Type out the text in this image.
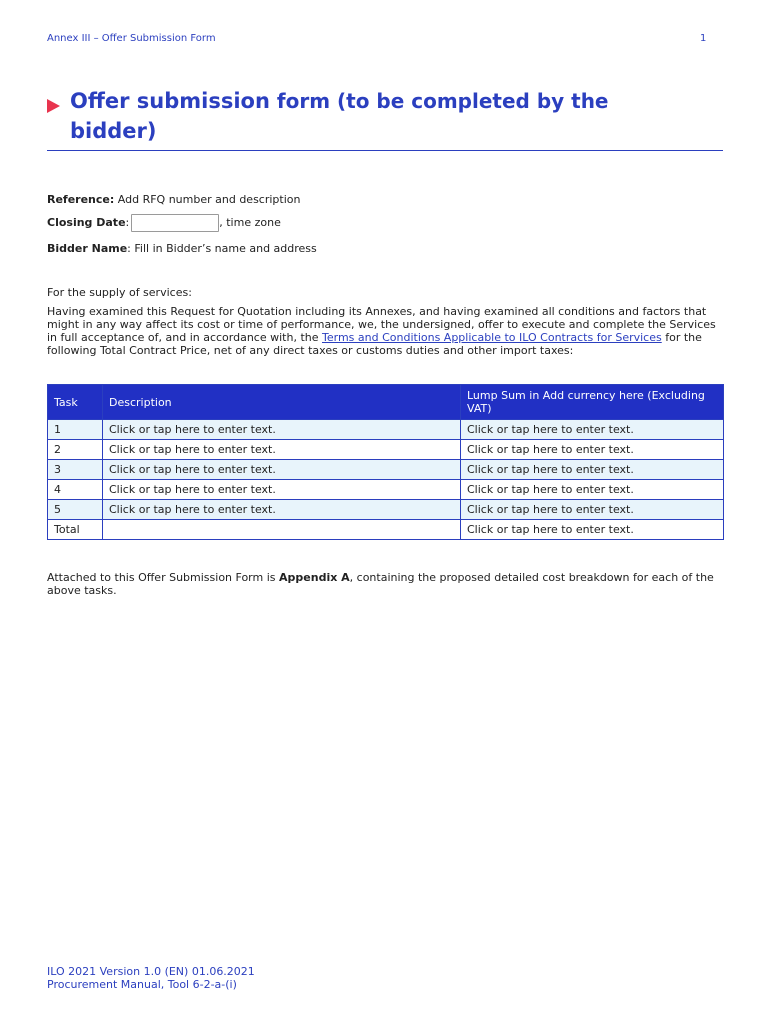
Annex III – Offer Submission Form	1
Offer submission form (to be completed by the
bidder)
Reference: Add RFQ number and description
Closing Date:	, time zone
Bidder Name: Fill in Bidder’s name and address
For the supply of services:
Having examined this Request for Quotation including its Annexes, and having examined all conditions and factors that might in any way affect its cost or time of performance, we, the undersigned, offer to execute and complete the Services in full acceptance of, and in accordance with, the Terms and Conditions Applicable to ILO Contracts for Services for the following Total Contract Price, net of any direct taxes or customs duties and other import taxes:
Task	Description	Lump Sum in Add currency here (Excluding VAT)
1	Click or tap here to enter text.	Click or tap here to enter text.
2	Click or tap here to enter text.	Click or tap here to enter text.
3	Click or tap here to enter text.	Click or tap here to enter text.
4	Click or tap here to enter text.	Click or tap here to enter text.
5	Click or tap here to enter text.	Click or tap here to enter text.
Total		Click or tap here to enter text.
Attached to this Offer Submission Form is Appendix A, containing the proposed detailed cost breakdown for each of the above tasks.
ILO 2021 Version 1.0 (EN) 01.06.2021
Procurement Manual, Tool 6-2-a-(i)
